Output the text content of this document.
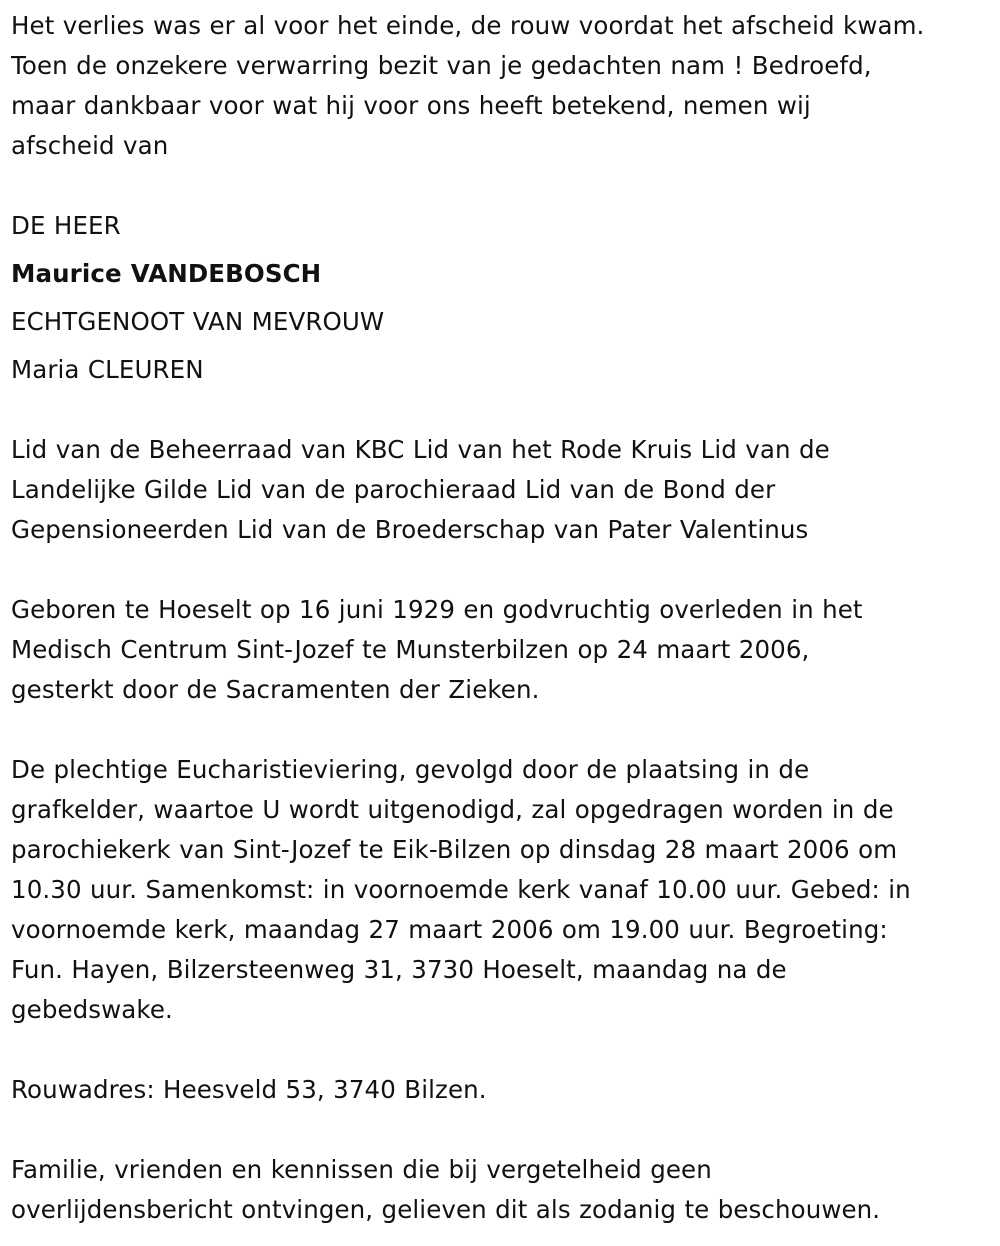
Het verlies was er al voor het einde, de rouw voordat het afscheid kwam.
Toen de onzekere verwarring bezit van je gedachten nam ! Bedroefd,
maar dankbaar voor wat hij voor ons heeft betekend, nemen wij
afscheid van
DE HEER
Maurice VANDEBOSCH
ECHTGENOOT VAN MEVROUW
Maria CLEUREN
Lid van de Beheerraad van KBC Lid van het Rode Kruis Lid van de
Landelijke Gilde Lid van de parochieraad Lid van de Bond der
Gepensioneerden Lid van de Broederschap van Pater Valentinus
Geboren te Hoeselt op 16 juni 1929 en godvruchtig overleden in het
Medisch Centrum Sint-Jozef te Munsterbilzen op 24 maart 2006,
gesterkt door de Sacramenten der Zieken.
De plechtige Eucharistieviering, gevolgd door de plaatsing in de
grafkelder, waartoe U wordt uitgenodigd, zal opgedragen worden in de
parochiekerk van Sint-Jozef te Eik-Bilzen op dinsdag 28 maart 2006 om
10.30 uur. Samenkomst: in voornoemde kerk vanaf 10.00 uur. Gebed: in
voornoemde kerk, maandag 27 maart 2006 om 19.00 uur. Begroeting:
Fun. Hayen, Bilzersteenweg 31, 3730 Hoeselt, maandag na de
gebedswake.
Rouwadres: Heesveld 53, 3740 Bilzen.
Familie, vrienden en kennissen die bij vergetelheid geen
overlijdensbericht ontvingen, gelieven dit als zodanig te beschouwen.
